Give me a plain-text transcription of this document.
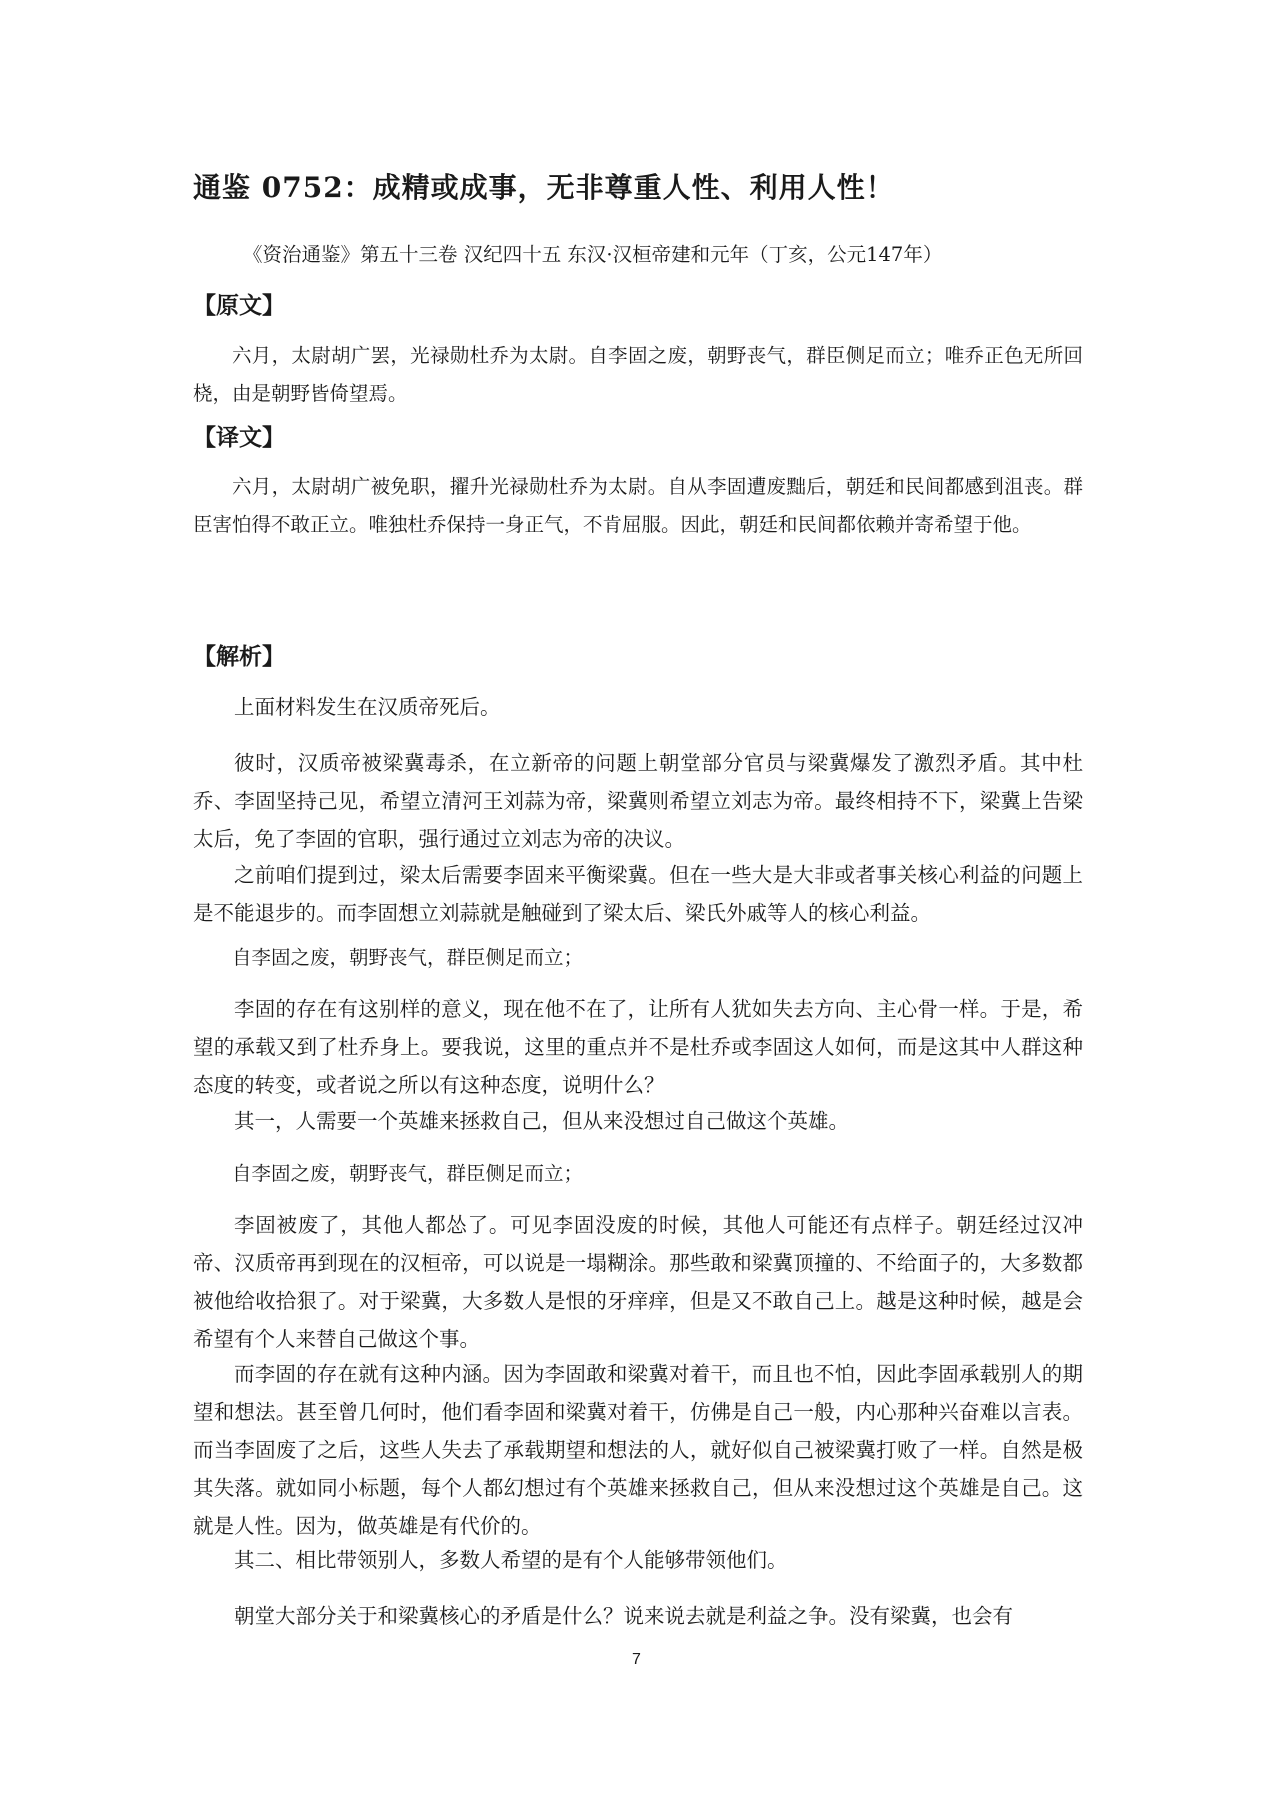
通鉴 0752：成精或成事，无非尊重人性、利用人性！
《资治通鉴》第五十三卷 汉纪四十五 东汉·汉桓帝建和元年（丁亥，公元147年）
【原文】
六月，太尉胡广罢，光禄勋杜乔为太尉。自李固之废，朝野丧气，群臣侧足而立；唯乔正色无所回桡，由是朝野皆倚望焉。
【译文】
六月，太尉胡广被免职，擢升光禄勋杜乔为太尉。自从李固遭废黜后，朝廷和民间都感到沮丧。群臣害怕得不敢正立。唯独杜乔保持一身正气，不肯屈服。因此，朝廷和民间都依赖并寄希望于他。
【解析】
上面材料发生在汉质帝死后。
彼时，汉质帝被梁冀毒杀，在立新帝的问题上朝堂部分官员与梁冀爆发了激烈矛盾。其中杜乔、李固坚持己见，希望立清河王刘蒜为帝，梁冀则希望立刘志为帝。最终相持不下，梁冀上告梁太后，免了李固的官职，强行通过立刘志为帝的决议。
之前咱们提到过，梁太后需要李固来平衡梁冀。但在一些大是大非或者事关核心利益的问题上是不能退步的。而李固想立刘蒜就是触碰到了梁太后、梁氏外戚等人的核心利益。
自李固之废，朝野丧气，群臣侧足而立；
李固的存在有这别样的意义，现在他不在了，让所有人犹如失去方向、主心骨一样。于是，希望的承载又到了杜乔身上。要我说，这里的重点并不是杜乔或李固这人如何，而是这其中人群这种态度的转变，或者说之所以有这种态度，说明什么？
其一，人需要一个英雄来拯救自己，但从来没想过自己做这个英雄。
自李固之废，朝野丧气，群臣侧足而立；
李固被废了，其他人都怂了。可见李固没废的时候，其他人可能还有点样子。朝廷经过汉冲帝、汉质帝再到现在的汉桓帝，可以说是一塌糊涂。那些敢和梁冀顶撞的、不给面子的，大多数都被他给收拾狠了。对于梁冀，大多数人是恨的牙痒痒，但是又不敢自己上。越是这种时候，越是会希望有个人来替自己做这个事。
而李固的存在就有这种内涵。因为李固敢和梁冀对着干，而且也不怕，因此李固承载别人的期望和想法。甚至曾几何时，他们看李固和梁冀对着干，仿佛是自己一般，内心那种兴奋难以言表。而当李固废了之后，这些人失去了承载期望和想法的人，就好似自己被梁冀打败了一样。自然是极其失落。就如同小标题，每个人都幻想过有个英雄来拯救自己，但从来没想过这个英雄是自己。这就是人性。因为，做英雄是有代价的。
其二、相比带领别人，多数人希望的是有个人能够带领他们。
朝堂大部分关于和梁冀核心的矛盾是什么？说来说去就是利益之争。没有梁冀，也会有
7
